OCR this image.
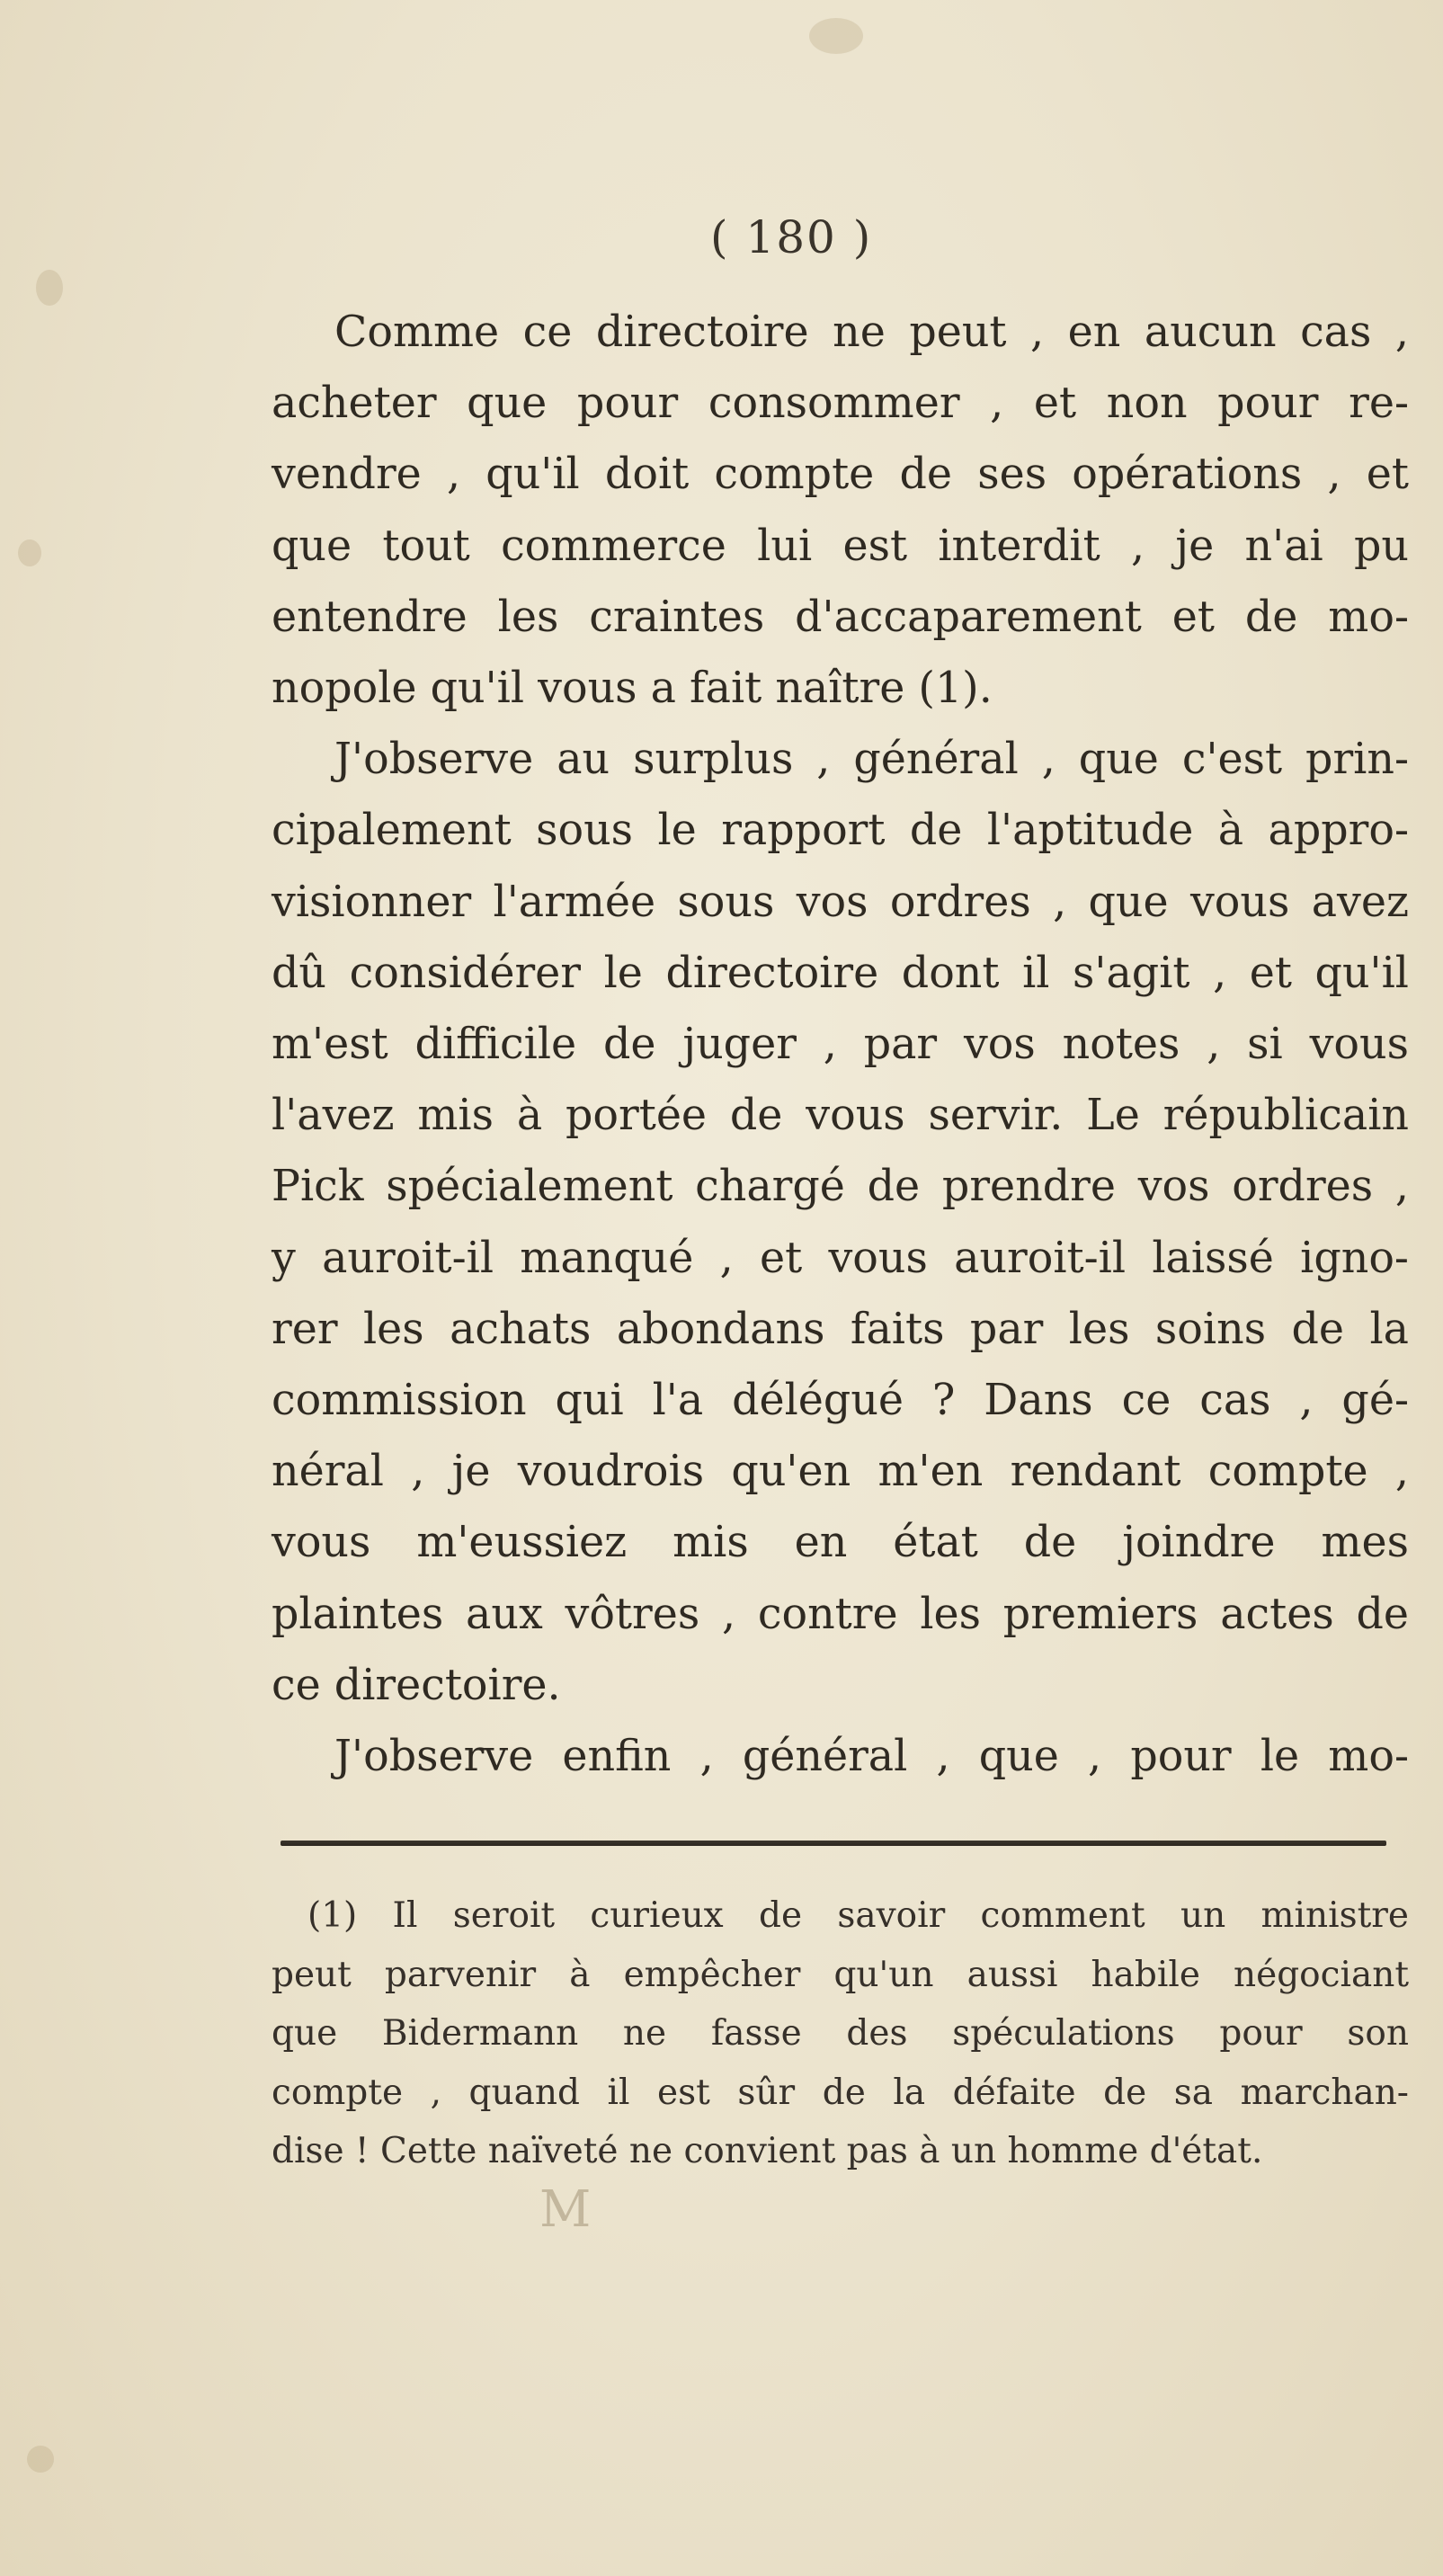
( 180 )
Comme ce directoire ne peut , en aucun cas ,
acheter que pour consommer , et non pour re-
vendre , qu'il doit compte de ses opérations , et
que tout commerce lui est interdit , je n'ai pu
entendre les craintes d'accaparement et de mo-
nopole qu'il vous a fait naître (1).
J'observe au surplus , général , que c'est prin-
cipalement sous le rapport de l'aptitude à appro-
visionner l'armée sous vos ordres , que vous avez
dû considérer le directoire dont il s'agit , et qu'il
m'est difficile de juger , par vos notes , si vous
l'avez mis à portée de vous servir. Le républicain
Pick spécialement chargé de prendre vos ordres ,
y auroit-il manqué , et vous auroit-il laissé igno-
rer les achats abondans faits par les soins de la
commission qui l'a délégué ? Dans ce cas , gé-
néral , je voudrois qu'en m'en rendant compte ,
vous m'eussiez mis en état de joindre mes
plaintes aux vôtres , contre les premiers actes de
ce directoire.
J'observe enfin , général , que , pour le mo-
(1) Il seroit curieux de savoir comment un ministre
peut parvenir à empêcher qu'un aussi habile négociant
que Bidermann ne fasse des spéculations pour son
compte , quand il est sûr de la défaite de sa marchan-
dise ! Cette naïveté ne convient pas à un homme d'état.
M
